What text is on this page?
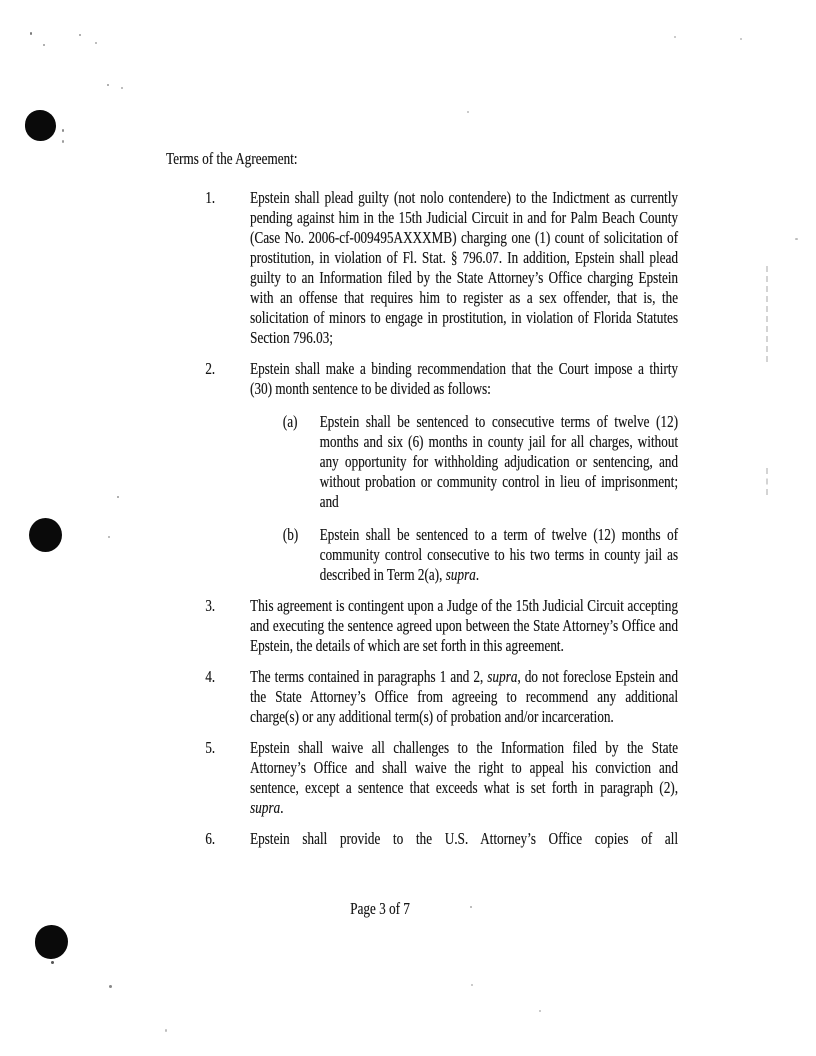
Terms of the Agreement:
1.	Epstein shall plead guilty (not nolo contendere) to the Indictment as currently pending against him in the 15th Judicial Circuit in and for Palm Beach County (Case No. 2006-cf-009495AXXXMB) charging one (1) count of solicitation of prostitution, in violation of Fl. Stat. § 796.07. In addition, Epstein shall plead guilty to an Information filed by the State Attorney’s Office charging Epstein with an offense that requires him to register as a sex offender, that is, the solicitation of minors to engage in prostitution, in violation of Florida Statutes Section 796.03;
2.	Epstein shall make a binding recommendation that the Court impose a thirty (30) month sentence to be divided as follows:
(a)	Epstein shall be sentenced to consecutive terms of twelve (12) months and six (6) months in county jail for all charges, without any opportunity for withholding adjudication or sentencing, and without probation or community control in lieu of imprisonment; and
(b)	Epstein shall be sentenced to a term of twelve (12) months of community control consecutive to his two terms in county jail as described in Term 2(a), supra.
3.	This agreement is contingent upon a Judge of the 15th Judicial Circuit accepting and executing the sentence agreed upon between the State Attorney’s Office and Epstein, the details of which are set forth in this agreement.
4.	The terms contained in paragraphs 1 and 2, supra, do not foreclose Epstein and the State Attorney’s Office from agreeing to recommend any additional charge(s) or any additional term(s) of probation and/or incarceration.
5.	Epstein shall waive all challenges to the Information filed by the State Attorney’s Office and shall waive the right to appeal his conviction and sentence, except a sentence that exceeds what is set forth in paragraph (2), supra.
6.	Epstein shall provide to the U.S. Attorney’s Office copies of all
Page 3 of 7
